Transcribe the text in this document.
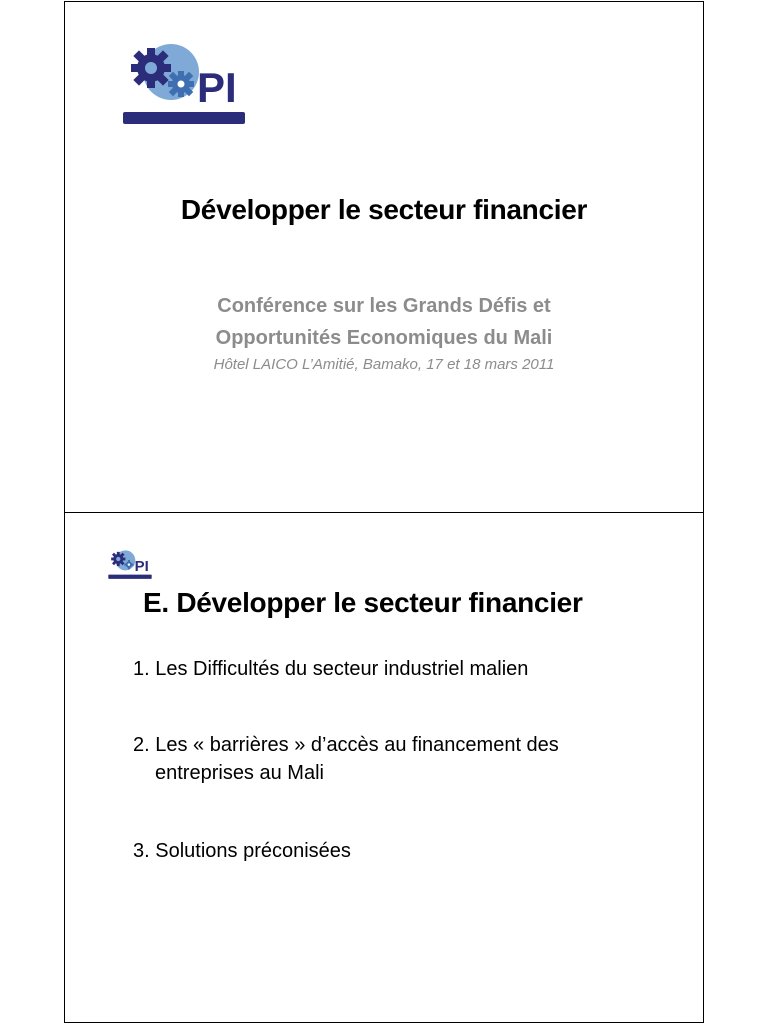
PI
Développer le secteur financier
Conférence sur les Grands Défis et
Opportunités Economiques du Mali
Hôtel LAICO L’Amitié, Bamako, 17 et 18 mars 2011
PI
E. Développer le secteur financier
1. Les Difficultés du secteur industriel malien
2. Les « barrières » d’accès au financement des
entreprises au Mali
3. Solutions préconisées
